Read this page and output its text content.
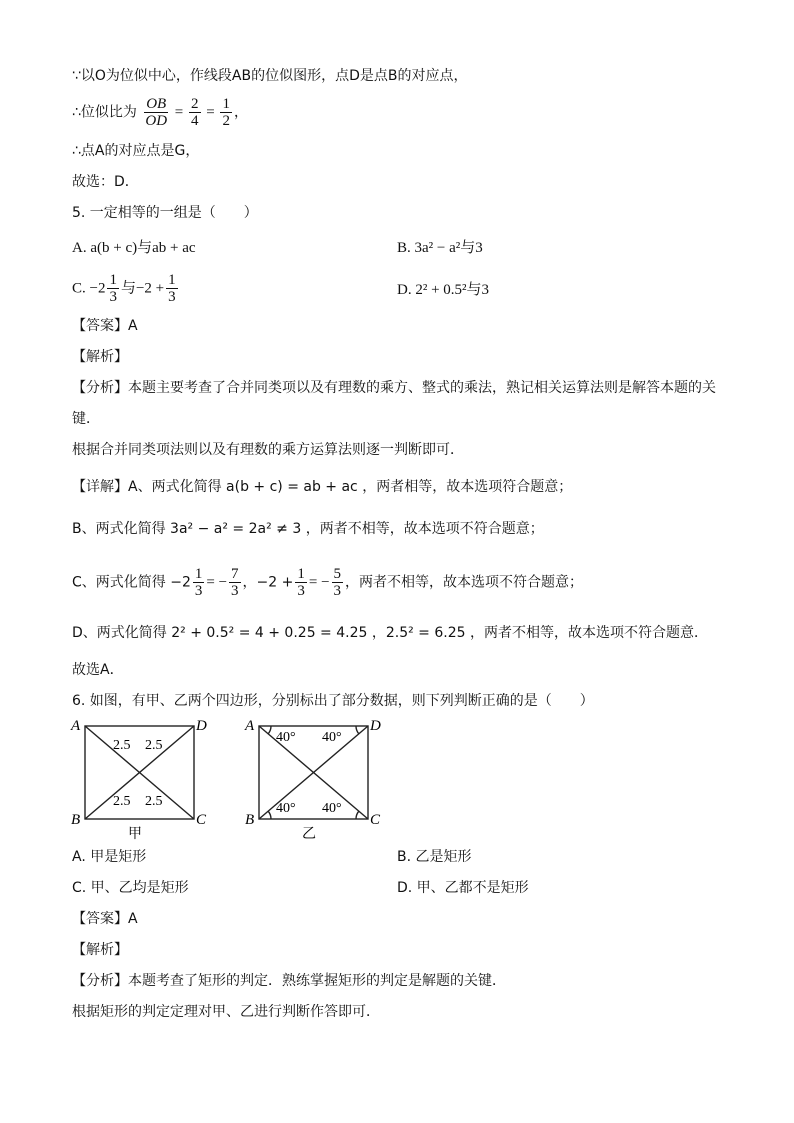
∵以O为位似中心，作线段AB的位似图形，点D是点B的对应点，
∴位似比为 $\frac{OB}{OD} = \frac{2}{4} = \frac{1}{2}$ ，
∴点A的对应点是G，
故选：D．
5. 一定相等的一组是（　　）
A. a(b + c)与ab + ac	B. 3a² − a²与3
C. $-2 \frac{1}{3}$ 与$-2 + \frac{1}{3}$	D. 2² + 0.5²与3
【答案】A
【解析】
【分析】本题主要考查了合并同类项以及有理数的乘方、整式的乘法，熟记相关运算法则是解答本题的关
键．
根据合并同类项法则以及有理数的乘方运算法则逐一判断即可．
【详解】A、两式化简得 a(b + c) = ab + ac ，两者相等，故本选项符合题意；
B、两式化简得 3a² − a² = 2a² ≠ 3 ，两者不相等，故本选项不符合题意；
C、两式化简得 $-2 \frac{1}{3}$ = − $\frac{7}{3}$ ，$-2 + \frac{1}{3}$ = − $\frac{5}{3}$ ，两者不相等，故本选项不符合题意；
D、两式化简得 2² + 0.5² = 4 + 0.25 = 4.25 ，2.5² = 6.25 ，两者不相等，故本选项不符合题意．
故选A．
6. 如图，有甲、乙两个四边形，分别标出了部分数据，则下列判断正确的是（　　）
A	D
B	C
2.5 2.5
2.5 2.5
甲
A	D
B	C
40° 40°
40° 40°
乙
A. 甲是矩形	B. 乙是矩形
C. 甲、乙均是矩形	D. 甲、乙都不是矩形
【答案】A
【解析】
【分析】本题考查了矩形的判定．熟练掌握矩形的判定是解题的关键．
根据矩形的判定定理对甲、乙进行判断作答即可．
